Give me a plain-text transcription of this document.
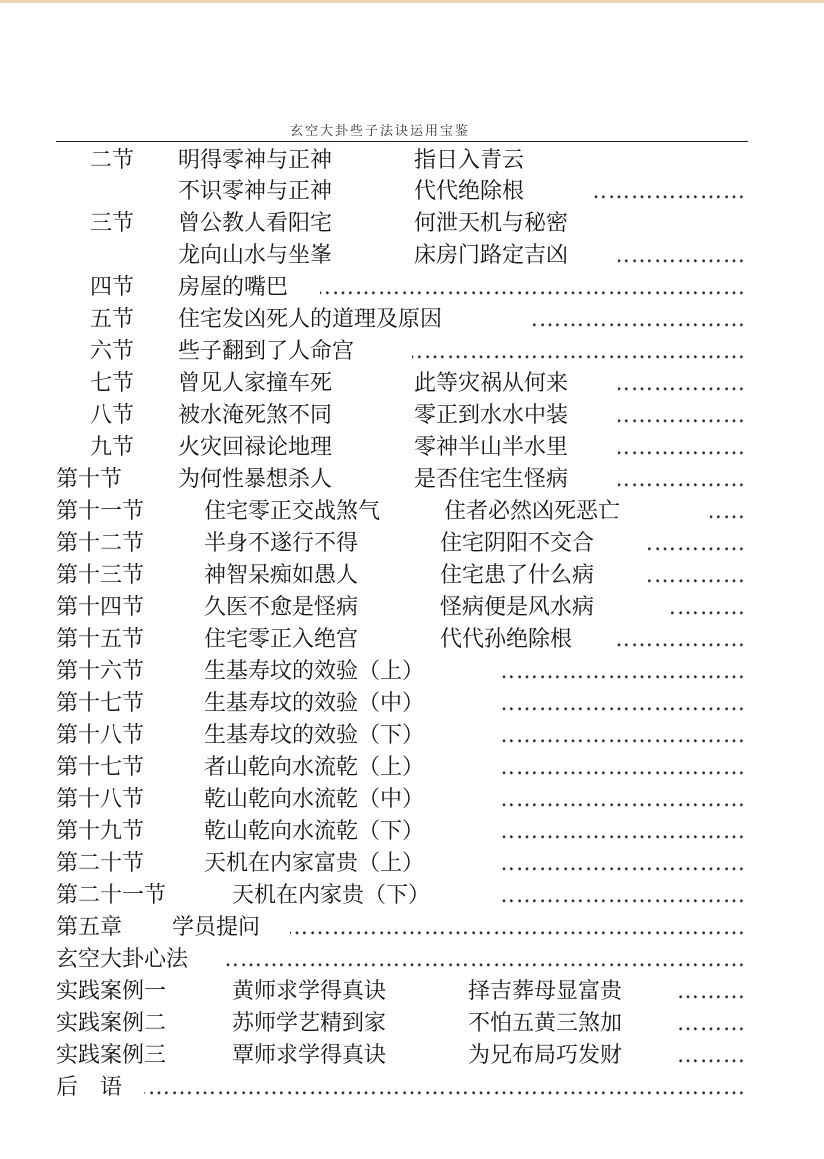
玄空大卦些子法诀运用宝鉴
二节 明得零神与正神	指日入青云
不识零神与正神	代代绝除根
………………………………………………………………………………………………………………………………
三节 曾公教人看阳宅	何泄天机与秘密
龙向山水与坐峯	床房门路定吉凶
………………………………………………………………………………………………………………………………
四节 房屋的嘴巴
………………………………………………………………………………………………………………………………
五节 住宅发凶死人的道理及原因
………………………………………………………………………………………………………………………………
六节 些子翻到了人命宫
………………………………………………………………………………………………………………………………
七节 曾见人家撞车死	此等灾祸从何来
………………………………………………………………………………………………………………………………
八节 被水淹死煞不同	零正到水水中装
………………………………………………………………………………………………………………………………
九节 火灾回禄论地理	零神半山半水里
………………………………………………………………………………………………………………………………
第十节	为何性暴想杀人	是否住宅生怪病
………………………………………………………………………………………………………………………………
第十一节	住宅零正交战煞气	住者必然凶死恶亡
………………………………………………………………………………………………………………………………
第十二节	半身不遂行不得	住宅阴阳不交合
………………………………………………………………………………………………………………………………
第十三节	神智呆痴如愚人	住宅患了什么病
………………………………………………………………………………………………………………………………
第十四节	久医不愈是怪病	怪病便是风水病
………………………………………………………………………………………………………………………………
第十五节	住宅零正入绝宫	代代孙绝除根
………………………………………………………………………………………………………………………………
第十六节	生基寿坟的效验（上）
………………………………………………………………………………………………………………………………
第十七节	生基寿坟的效验（中）
………………………………………………………………………………………………………………………………
第十八节	生基寿坟的效验（下）
………………………………………………………………………………………………………………………………
第十七节	者山乾向水流乾（上）
………………………………………………………………………………………………………………………………
第十八节	乾山乾向水流乾（中）
………………………………………………………………………………………………………………………………
第十九节	乾山乾向水流乾（下）
………………………………………………………………………………………………………………………………
第二十节	天机在内家富贵（上）
………………………………………………………………………………………………………………………………
第二十一节	天机在内家贵（下）
………………………………………………………………………………………………………………………………
第五章 学员提问
………………………………………………………………………………………………………………………………
玄空大卦心法
………………………………………………………………………………………………………………………………
实践案例一	黄师求学得真诀	择吉葬母显富贵
………………………………………………………………………………………………………………………………
实践案例二	苏师学艺精到家	不怕五黄三煞加
………………………………………………………………………………………………………………………………
实践案例三	覃师求学得真诀	为兄布局巧发财
………………………………………………………………………………………………………………………………
后　语
………………………………………………………………………………………………………………………………
